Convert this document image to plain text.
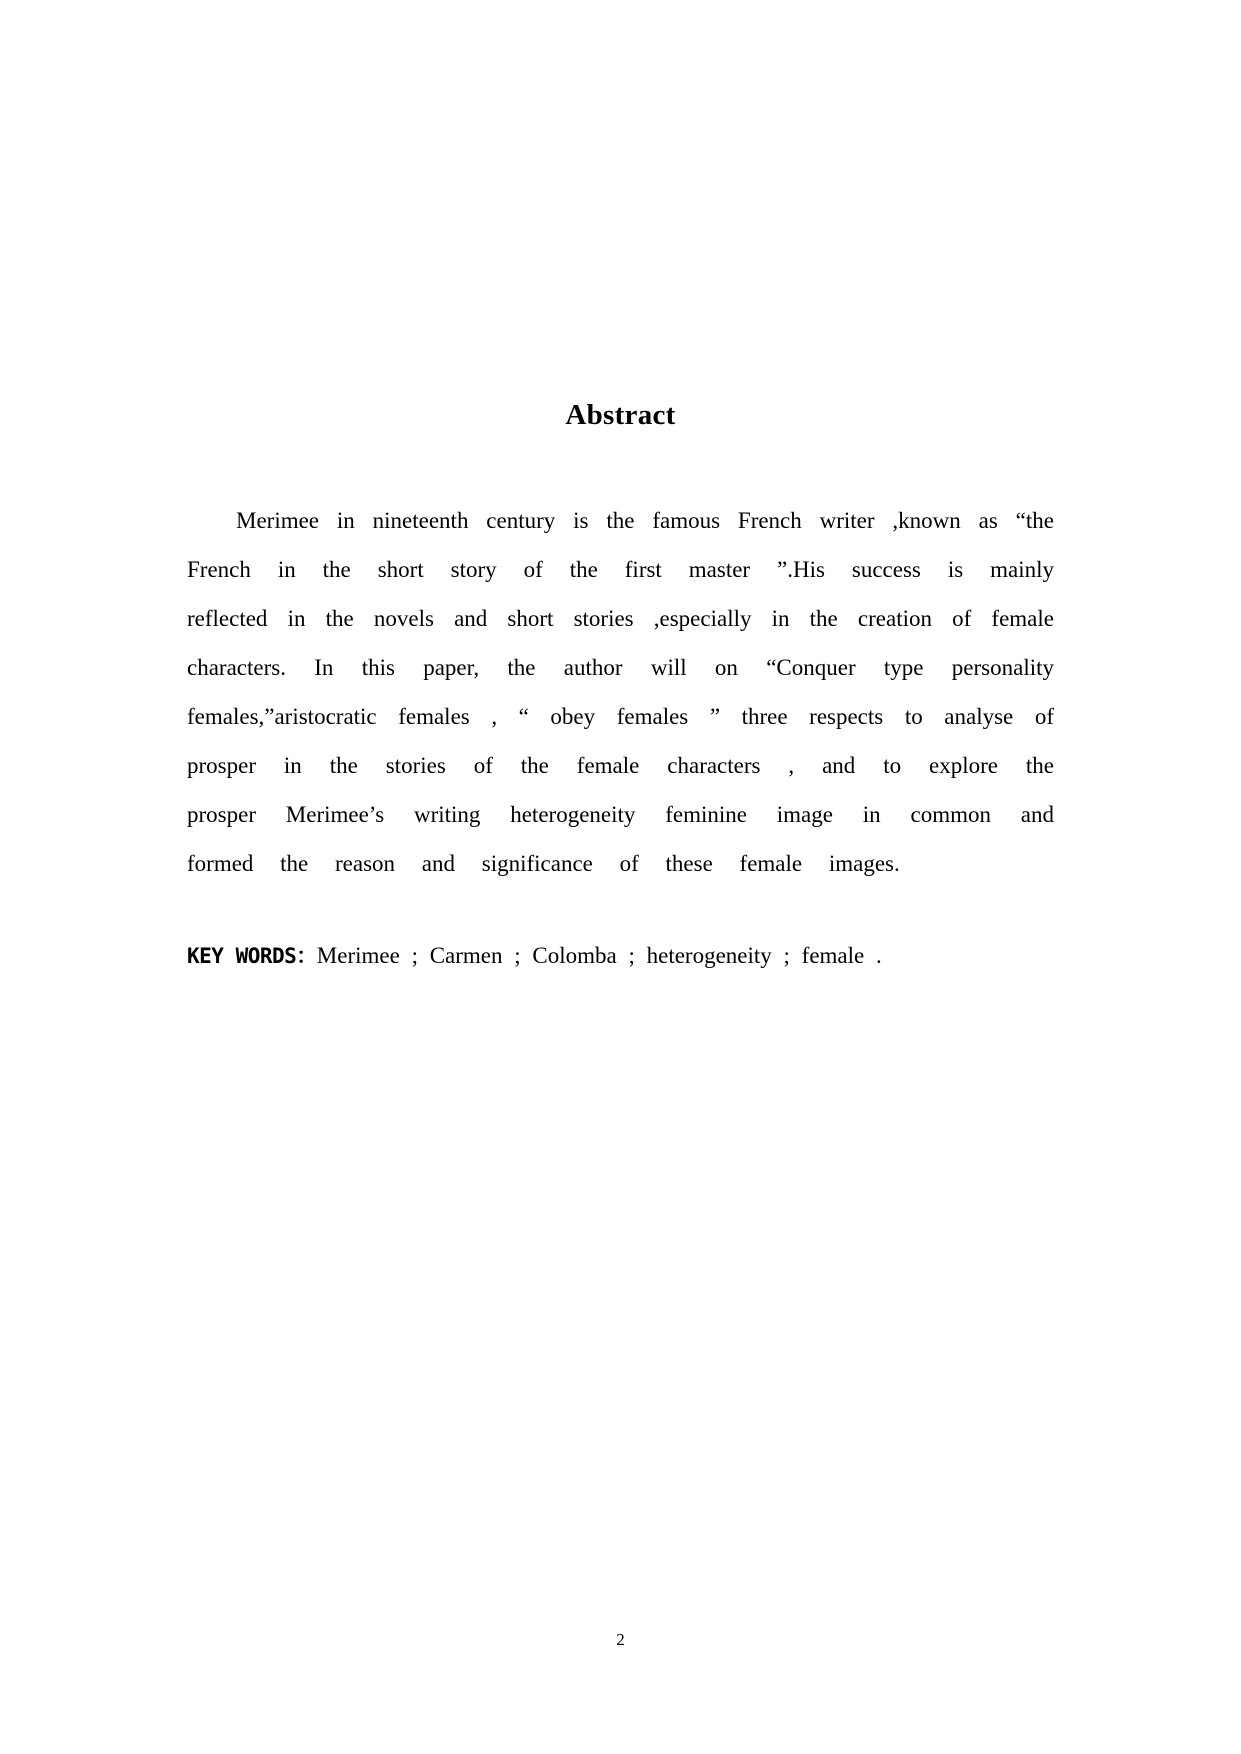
Abstract
Merimee in nineteenth century is the famous French writer ,known as “the
French in the short story of the first master ”.His success is mainly
reflected in the novels and short stories ,especially in the creation of female
characters. In this paper, the author will on “Conquer type personality
females,”aristocratic females , “ obey females ” three respects to analyse of
prosper in the stories of the female characters , and to explore the
prosper Merimee’s writing heterogeneity feminine image in common and
formed the reason and significance of these female images.
KEY WORDS：Merimee ; Carmen ; Colomba ; heterogeneity ; female .
2
